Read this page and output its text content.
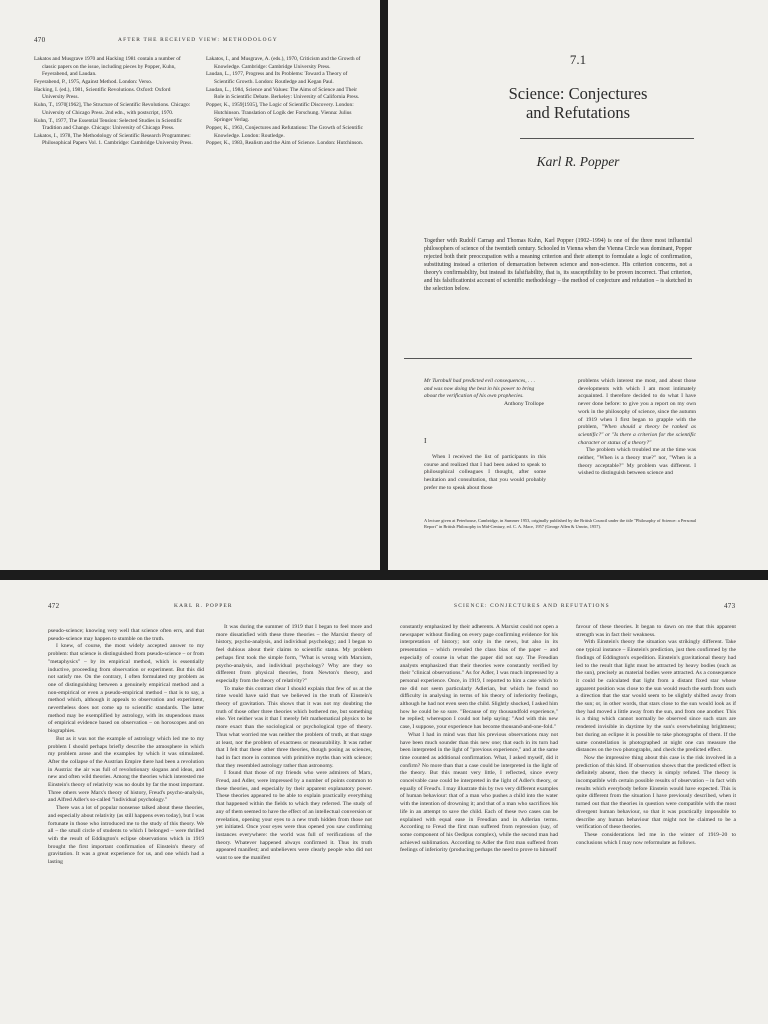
470	AFTER THE RECEIVED VIEW: METHODOLOGY
Lakatos and Musgrave 1970 and Hacking 1981 contain a number of classic papers on the issue, including pieces by Popper, Kuhn, Feyerabend, and Laudan.
Feyerabend, P., 1975, Against Method. London: Verso.
Hacking, I. (ed.), 1981, Scientific Revolutions. Oxford: Oxford University Press.
Kuhn, T., 1970[1962], The Structure of Scientific Revolutions. Chicago: University of Chicago Press. 2nd edn., with postscript, 1970.
Kuhn, T., 1977, The Essential Tension: Selected Studies in Scientific Tradition and Change. Chicago: University of Chicago Press.
Lakatos, I., 1978, The Methodology of Scientific Research Programmes: Philosophical Papers Vol. 1. Cambridge: Cambridge University Press.
Lakatos, I., and Musgrave, A. (eds.), 1970, Criticism and the Growth of Knowledge. Cambridge: Cambridge University Press.
Laudan, L., 1977, Progress and Its Problems: Toward a Theory of Scientific Growth. London: Routledge and Kegan Paul.
Laudan, L., 1984, Science and Values: The Aims of Science and Their Role in Scientific Debate. Berkeley: University of California Press.
Popper, K., 1959[1935], The Logic of Scientific Discovery. London: Hutchinson. Translation of Logik der Forschung. Vienna: Julius Springer Verlag.
Popper, K., 1963, Conjectures and Refutations: The Growth of Scientific Knowledge. London: Routledge.
Popper, K., 1983, Realism and the Aim of Science. London: Hutchinson.
7.1
Science: Conjectures
and Refutations
Karl R. Popper

Together with Rudolf Carnap and Thomas Kuhn, Karl Popper (1902–1994) is one of the three most influential philosophers of science of the twentieth century. Schooled in Vienna when the Vienna Circle was dominant, Popper rejected both their preoccupation with a meaning criterion and their attempt to formulate a logic of confirmation, substituting instead a criterion of demarcation between science and non-science. His criterion concerns, not a theory's confirmability, but instead its falsifiability, that is, its susceptibility to be proven incorrect. That criterion, and his falsificationist account of scientific methodology – the method of conjecture and refutation – is sketched in the selection below.

Mr Turnbull had predicted evil consequences, . . . and was now doing the best in his power to bring about the verification of his own prophecies.

Anthony Trollope

I

When I received the list of participants in this course and realized that I had been asked to speak to philosophical colleagues I thought, after some hesitation and consultation, that you would probably prefer me to speak about those

problems which interest me most, and about those developments with which I am most intimately acquainted. I therefore decided to do what I have never done before: to give you a report on my own work in the philosophy of science, since the autumn of 1919 when I first began to grapple with the problem, "When should a theory be ranked as scientific?" or "Is there a criterion for the scientific character or status of a theory?"

The problem which troubled me at the time was neither, "When is a theory true?" nor, "When is a theory acceptable?" My problem was different. I wished to distinguish between science and

A lecture given at Peterhouse, Cambridge, in Summer 1953, originally published by the British Council under the title "Philosophy of Science: a Personal Report" in British Philosophy in Mid-Century, ed. C. A. Mace, 1957 (George Allen & Unwin, 1957).
472	KARL R. POPPER

pseudo-science; knowing very well that science often errs, and that pseudo-science may happen to stumble on the truth.

I knew, of course, the most widely accepted answer to my problem: that science is distinguished from pseudo-science – or from "metaphysics" – by its empirical method, which is essentially inductive, proceeding from observation or experiment. But this did not satisfy me. On the contrary, I often formulated my problem as one of distinguishing between a genuinely empirical method and a non-empirical or even a pseudo-empirical method – that is to say, a method which, although it appeals to observation and experiment, nevertheless does not come up to scientific standards. The latter method may be exemplified by astrology, with its stupendous mass of empirical evidence based on observation – on horoscopes and on biographies.

But as it was not the example of astrology which led me to my problem I should perhaps briefly describe the atmosphere in which my problem arose and the examples by which it was stimulated. After the collapse of the Austrian Empire there had been a revolution in Austria: the air was full of revolutionary slogans and ideas, and new and often wild theories. Among the theories which interested me Einstein's theory of relativity was no doubt by far the most important. Three others were Marx's theory of history, Freud's psycho-analysis, and Alfred Adler's so-called "individual psychology."

There was a lot of popular nonsense talked about these theories, and especially about relativity (as still happens even today), but I was fortunate in those who introduced me to the study of this theory. We all – the small circle of students to which I belonged – were thrilled with the result of Eddington's eclipse observations which in 1919 brought the first important confirmation of Einstein's theory of gravitation. It was a great experience for us, and one which had a lasting

It was during the summer of 1919 that I began to feel more and more dissatisfied with these three theories – the Marxist theory of history, psycho-analysis, and individual psychology; and I began to feel dubious about their claims to scientific status. My problem perhaps first took the simple form, "What is wrong with Marxism, psycho-analysis, and individual psychology? Why are they so different from physical theories, from Newton's theory, and especially from the theory of relativity?"

To make this contrast clear I should explain that few of us at the time would have said that we believed in the truth of Einstein's theory of gravitation. This shows that it was not my doubting the truth of those other three theories which bothered me, but something else. Yet neither was it that I merely felt mathematical physics to be more exact than the sociological or psychological type of theory. Thus what worried me was neither the problem of truth, at that stage at least, nor the problem of exactness or measurability. It was rather that I felt that these other three theories, though posing as sciences, had in fact more in common with primitive myths than with science; that they resembled astrology rather than astronomy.

I found that those of my friends who were admirers of Marx, Freud, and Adler, were impressed by a number of points common to these theories, and especially by their apparent explanatory power. These theories appeared to be able to explain practically everything that happened within the fields to which they referred. The study of any of them seemed to have the effect of an intellectual conversion or revelation, opening your eyes to a new truth hidden from those not yet initiated. Once your eyes were thus opened you saw confirming instances everywhere: the world was full of verifications of the theory. Whatever happened always confirmed it. Thus its truth appeared manifest; and unbelievers were clearly people who did not want to see the manifest

SCIENCE: CONJECTURES AND REFUTATIONS	473

constantly emphasized by their adherents. A Marxist could not open a newspaper without finding on every page confirming evidence for his interpretation of history; not only in the news, but also in its presentation – which revealed the class bias of the paper – and especially of course in what the paper did not say. The Freudian analysts emphasized that their theories were constantly verified by their "clinical observations." As for Adler, I was much impressed by a personal experience. Once, in 1919, I reported to him a case which to me did not seem particularly Adlerian, but which he found no difficulty in analysing in terms of his theory of inferiority feelings, although he had not even seen the child. Slightly shocked, I asked him how he could be so sure. "Because of my thousandfold experience," he replied; whereupon I could not help saying: "And with this new case, I suppose, your experience has become thousand-and-one-fold."

What I had in mind was that his previous observations may not have been much sounder than this new one; that each in its turn had been interpreted in the light of "previous experience," and at the same time counted as additional confirmation. What, I asked myself, did it confirm? No more than that a case could be interpreted in the light of the theory. But this meant very little, I reflected, since every conceivable case could be interpreted in the light of Adler's theory, or equally of Freud's. I may illustrate this by two very different examples of human behaviour: that of a man who pushes a child into the water with the intention of drowning it; and that of a man who sacrifices his life in an attempt to save the child. Each of these two cases can be explained with equal ease in Freudian and in Adlerian terms. According to Freud the first man suffered from repression (say, of some component of his Oedipus complex), while the second man had achieved sublimation. According to Adler the first man suffered from feelings of inferiority (producing perhaps the need to prove to himself

favour of these theories. It began to dawn on me that this apparent strength was in fact their weakness.

With Einstein's theory the situation was strikingly different. Take one typical instance – Einstein's prediction, just then confirmed by the findings of Eddington's expedition. Einstein's gravitational theory had led to the result that light must be attracted by heavy bodies (such as the sun), precisely as material bodies were attracted. As a consequence it could be calculated that light from a distant fixed star whose apparent position was close to the sun would reach the earth from such a direction that the star would seem to be slightly shifted away from the sun; or, in other words, that stars close to the sun would look as if they had moved a little away from the sun, and from one another. This is a thing which cannot normally be observed since such stars are rendered invisible in daytime by the sun's overwhelming brightness; but during an eclipse it is possible to take photographs of them. If the same constellation is photographed at night one can measure the distances on the two photographs, and check the predicted effect.

Now the impressive thing about this case is the risk involved in a prediction of this kind. If observation shows that the predicted effect is definitely absent, then the theory is simply refuted. The theory is incompatible with certain possible results of observation – in fact with results which everybody before Einstein would have expected. This is quite different from the situation I have previously described, when it turned out that the theories in question were compatible with the most divergent human behaviour, so that it was practically impossible to describe any human behaviour that might not be claimed to be a verification of these theories.

These considerations led me in the winter of 1919–20 to conclusions which I may now reformulate as follows.
